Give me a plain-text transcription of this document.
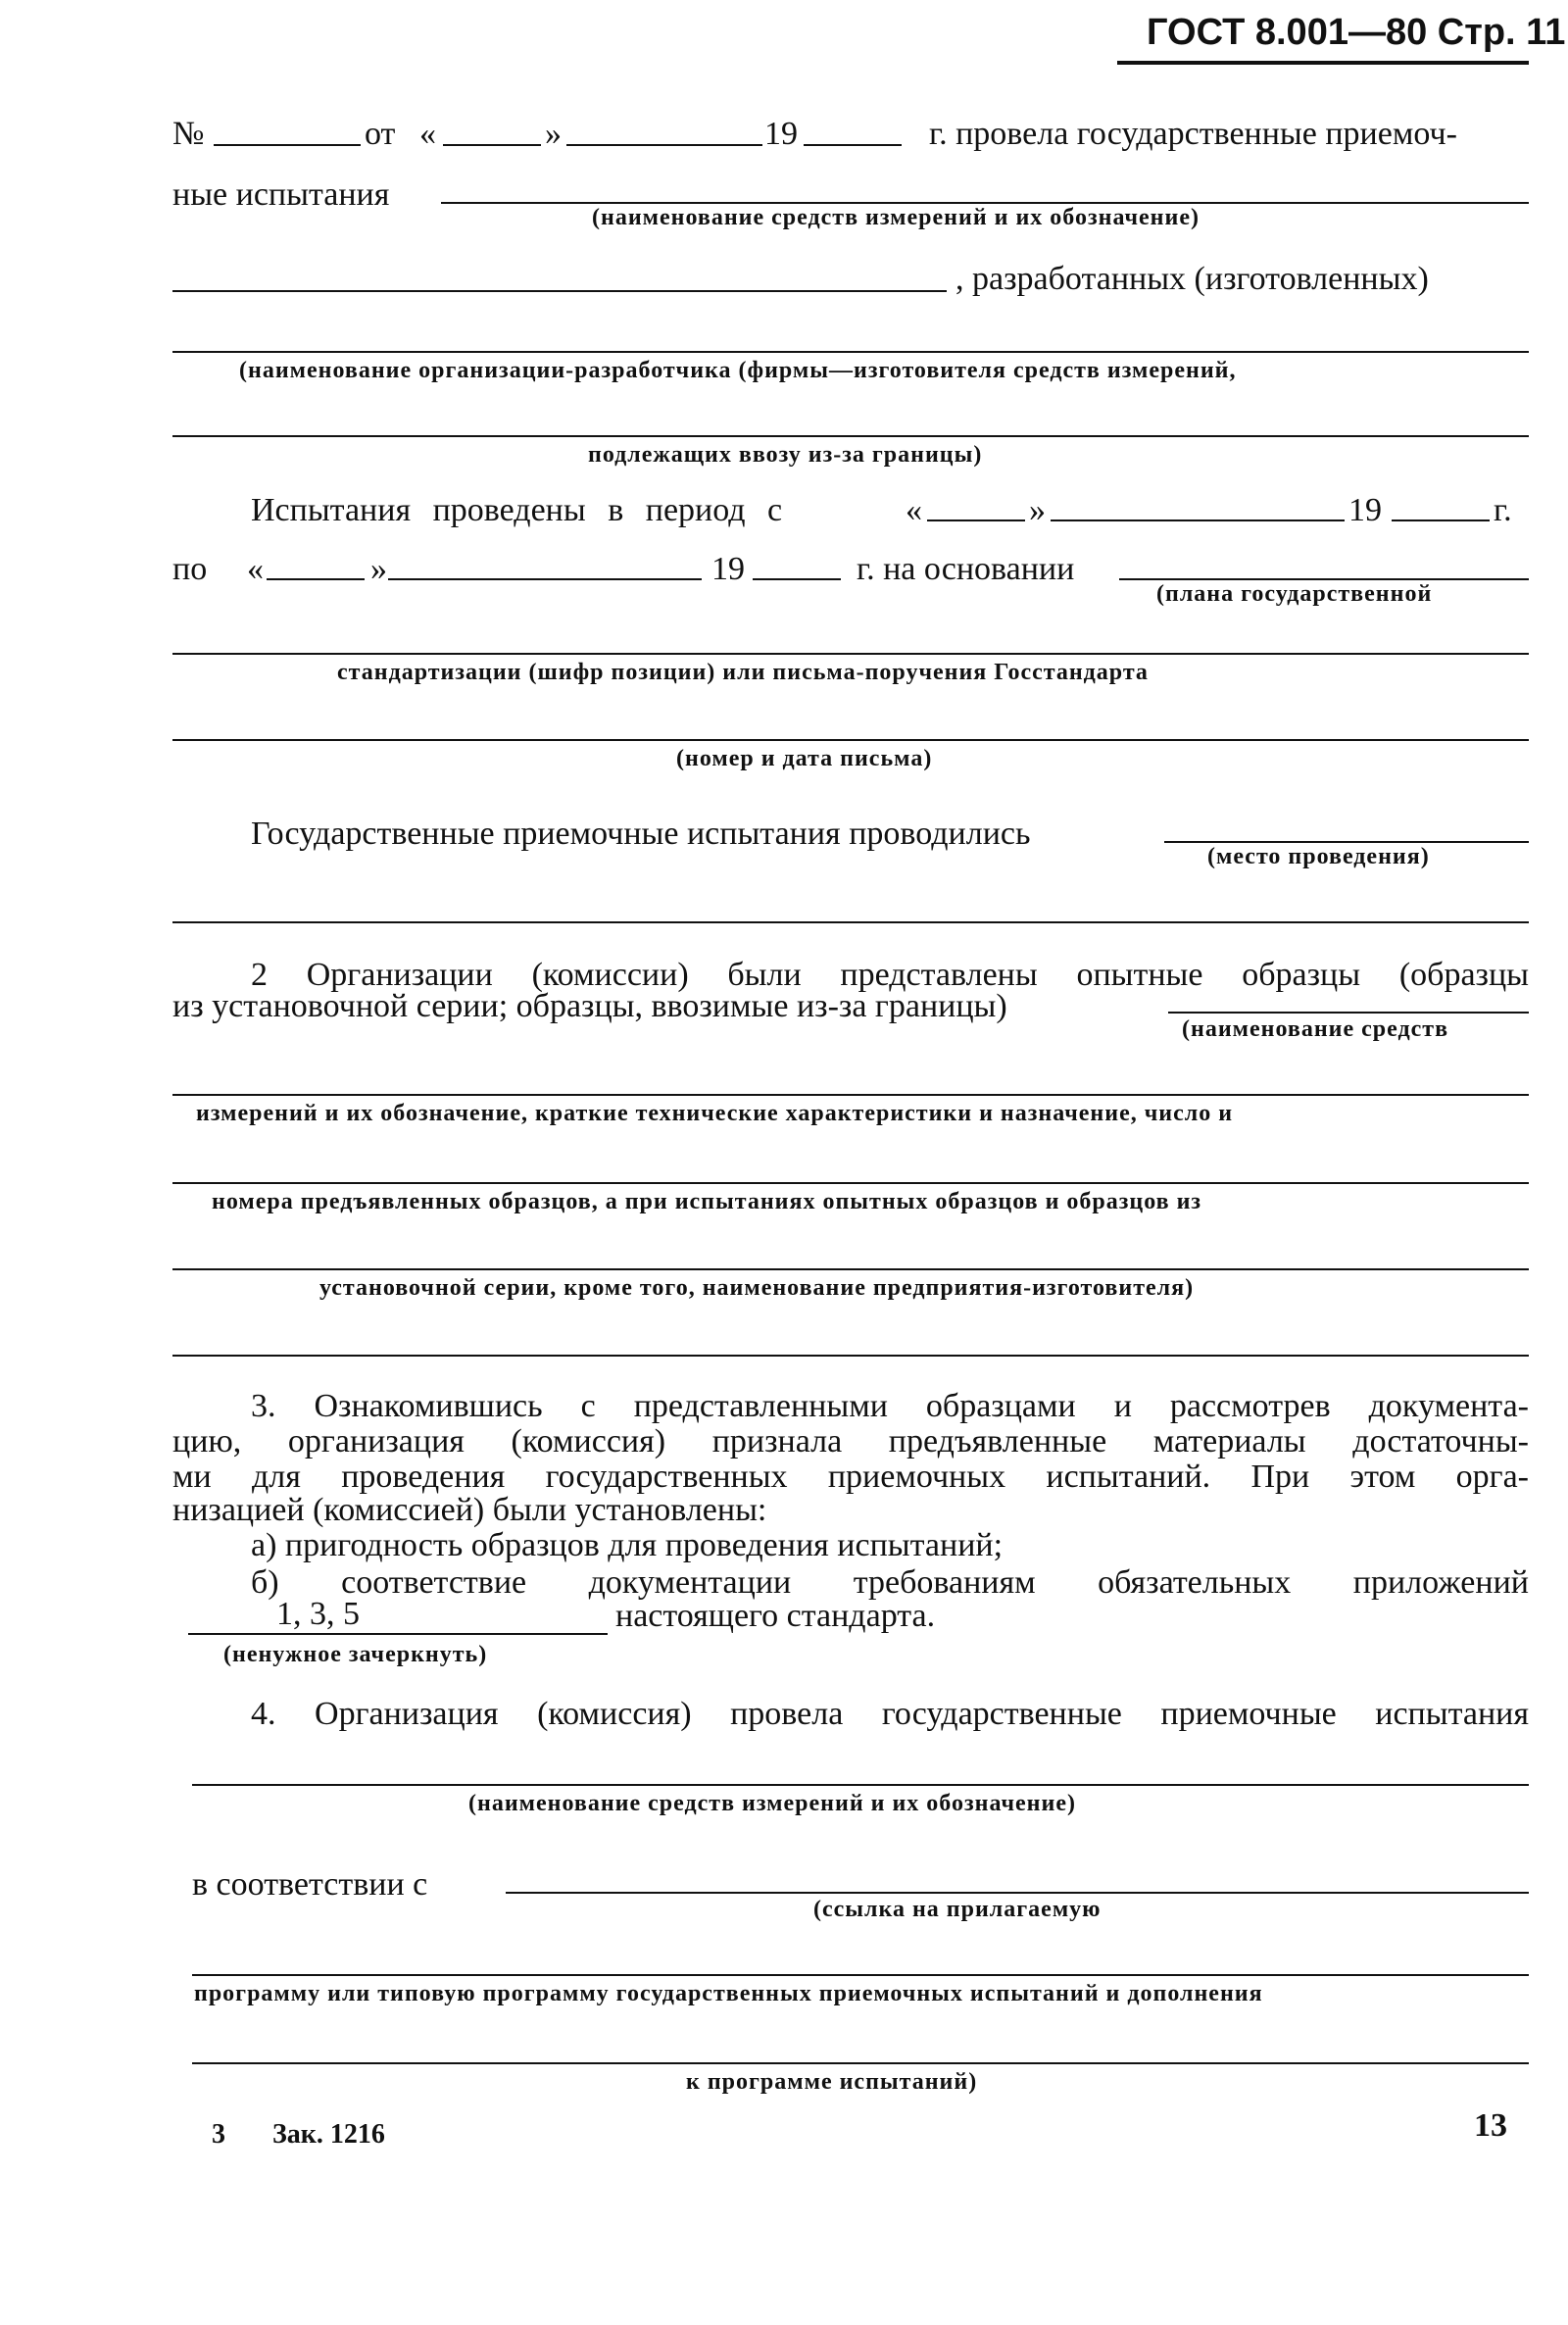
ГОСТ 8.001—80 Стр. 11
№	от «	»	19	г. провела государственные приемоч-
ные испытания
(наименование средств измерений и их обозначение)
, разработанных (изготовленных)
(наименование организации-разработчика (фирмы—изготовителя средств измерений,
подлежащих ввозу из-за границы)
Испытания проведены в период с	«	»	19	г.
по «	»	19	г. на основании
(плана государственной
стандартизации (шифр позиции) или письма-поручения Госстандарта
(номер и дата письма)
Государственные приемочные испытания проводились
(место проведения)
2 Организации (комиссии) были представлены опытные образцы (образцы
из установочной серии; образцы, ввозимые из-за границы)
(наименование средств
измерений и их обозначение, краткие технические характеристики и назначение, число и
номера предъявленных образцов, а при испытаниях опытных образцов и образцов из
установочной серии, кроме того, наименование предприятия-изготовителя)
3. Ознакомившись с представленными образцами и рассмотрев документа-
цию, организация (комиссия) признала предъявленные материалы достаточны-
ми для проведения государственных приемочных испытаний. При этом орга-
низацией (комиссией) были установлены:
а) пригодность образцов для проведения испытаний;
б) соответствие документации требованиям обязательных приложений
1, 3, 5	настоящего стандарта.
(ненужное зачеркнуть)
4. Организация (комиссия) провела государственные приемочные испытания
(наименование средств измерений и их обозначение)
в соответствии с
(ссылка на прилагаемую
программу или типовую программу государственных приемочных испытаний и дополнения
к программе испытаний)
3 Зак. 1216	13
